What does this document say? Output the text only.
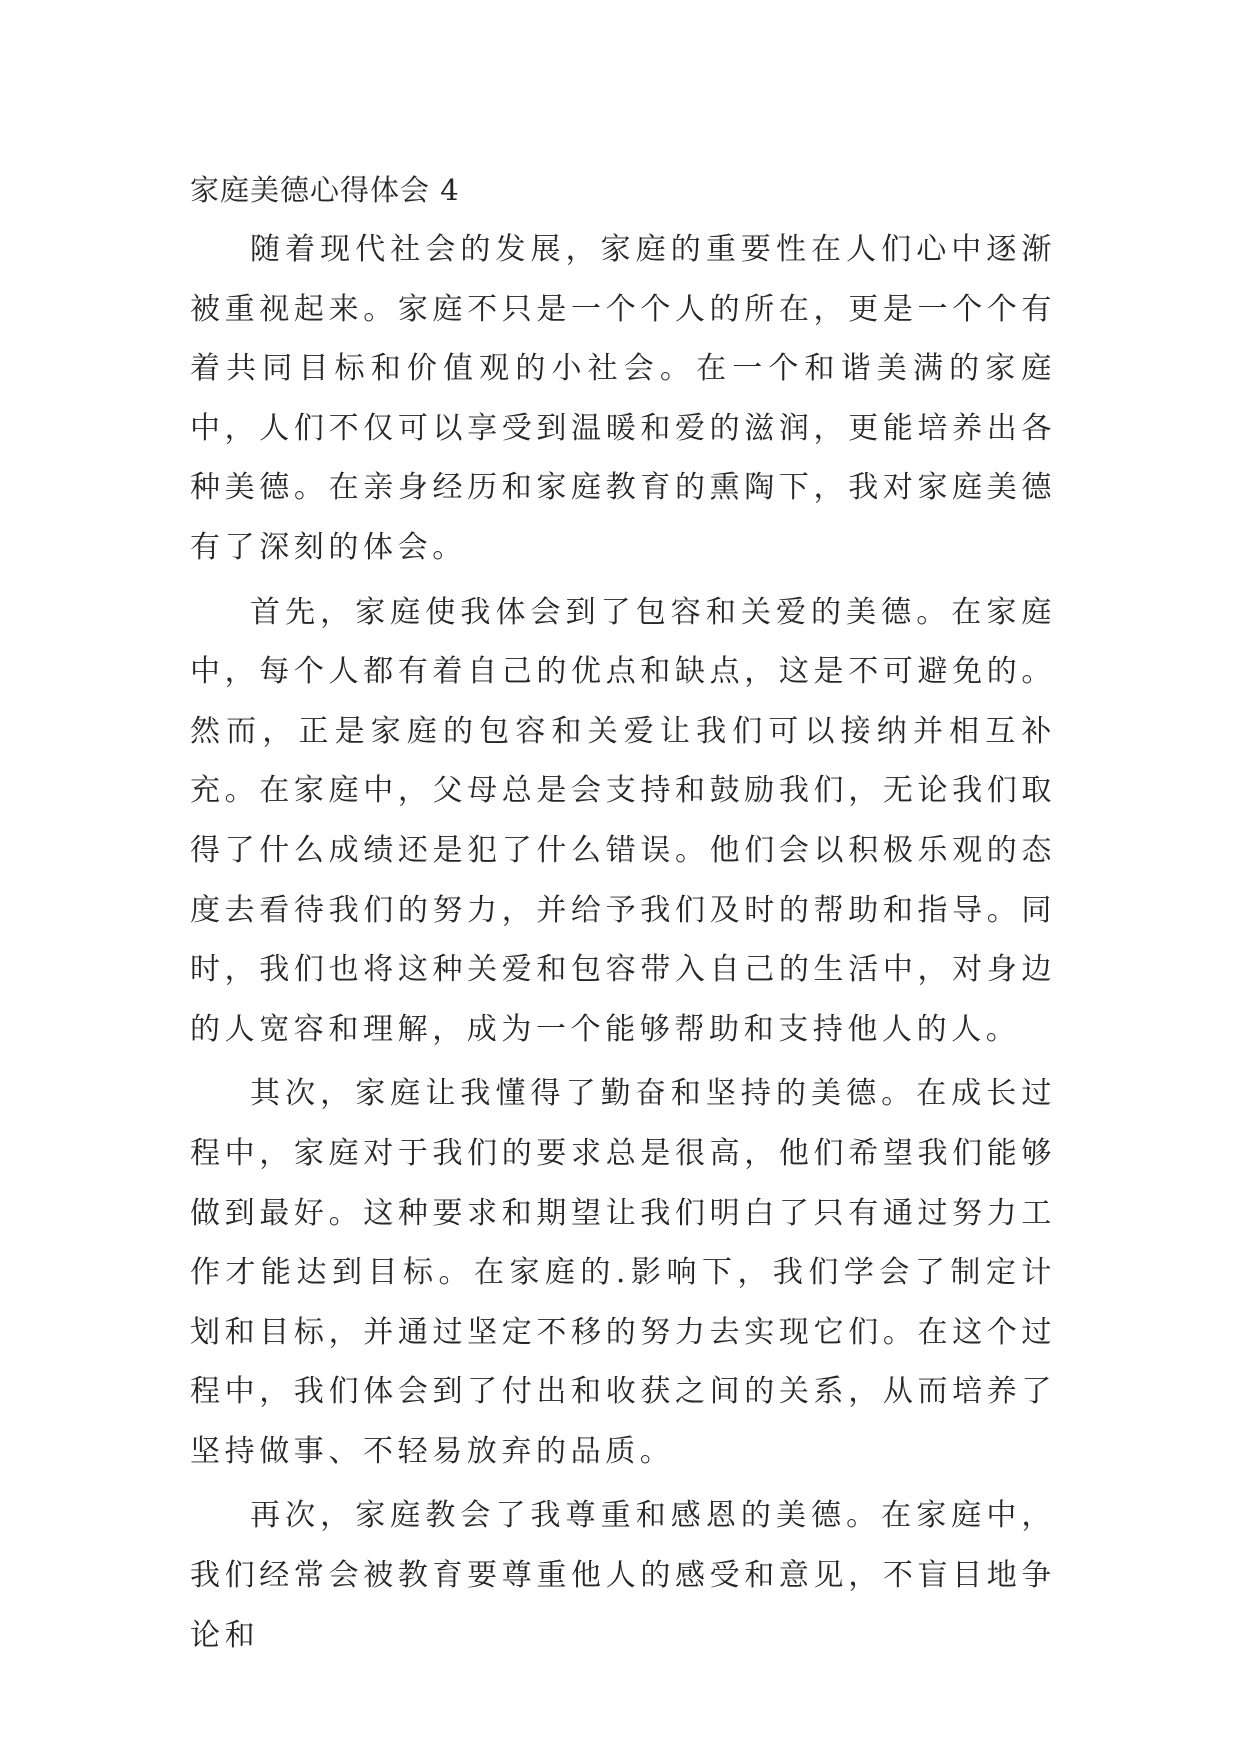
家庭美德心得体会 4

随着现代社会的发展，家庭的重要性在人们心中逐渐被重视起来。家庭不只是一个个人的所在，更是一个个有着共同目标和价值观的小社会。在一个和谐美满的家庭中，人们不仅可以享受到温暖和爱的滋润，更能培养出各种美德。在亲身经历和家庭教育的熏陶下，我对家庭美德有了深刻的体会。

首先，家庭使我体会到了包容和关爱的美德。在家庭中，每个人都有着自己的优点和缺点，这是不可避免的。然而，正是家庭的包容和关爱让我们可以接纳并相互补充。在家庭中，父母总是会支持和鼓励我们，无论我们取得了什么成绩还是犯了什么错误。他们会以积极乐观的态度去看待我们的努力，并给予我们及时的帮助和指导。同时，我们也将这种关爱和包容带入自己的生活中，对身边的人宽容和理解，成为一个能够帮助和支持他人的人。

其次，家庭让我懂得了勤奋和坚持的美德。在成长过程中，家庭对于我们的要求总是很高，他们希望我们能够做到最好。这种要求和期望让我们明白了只有通过努力工作才能达到目标。在家庭的.影响下，我们学会了制定计划和目标，并通过坚定不移的努力去实现它们。在这个过程中，我们体会到了付出和收获之间的关系，从而培养了坚持做事、不轻易放弃的品质。

再次，家庭教会了我尊重和感恩的美德。在家庭中，我们经常会被教育要尊重他人的感受和意见，不盲目地争论和
